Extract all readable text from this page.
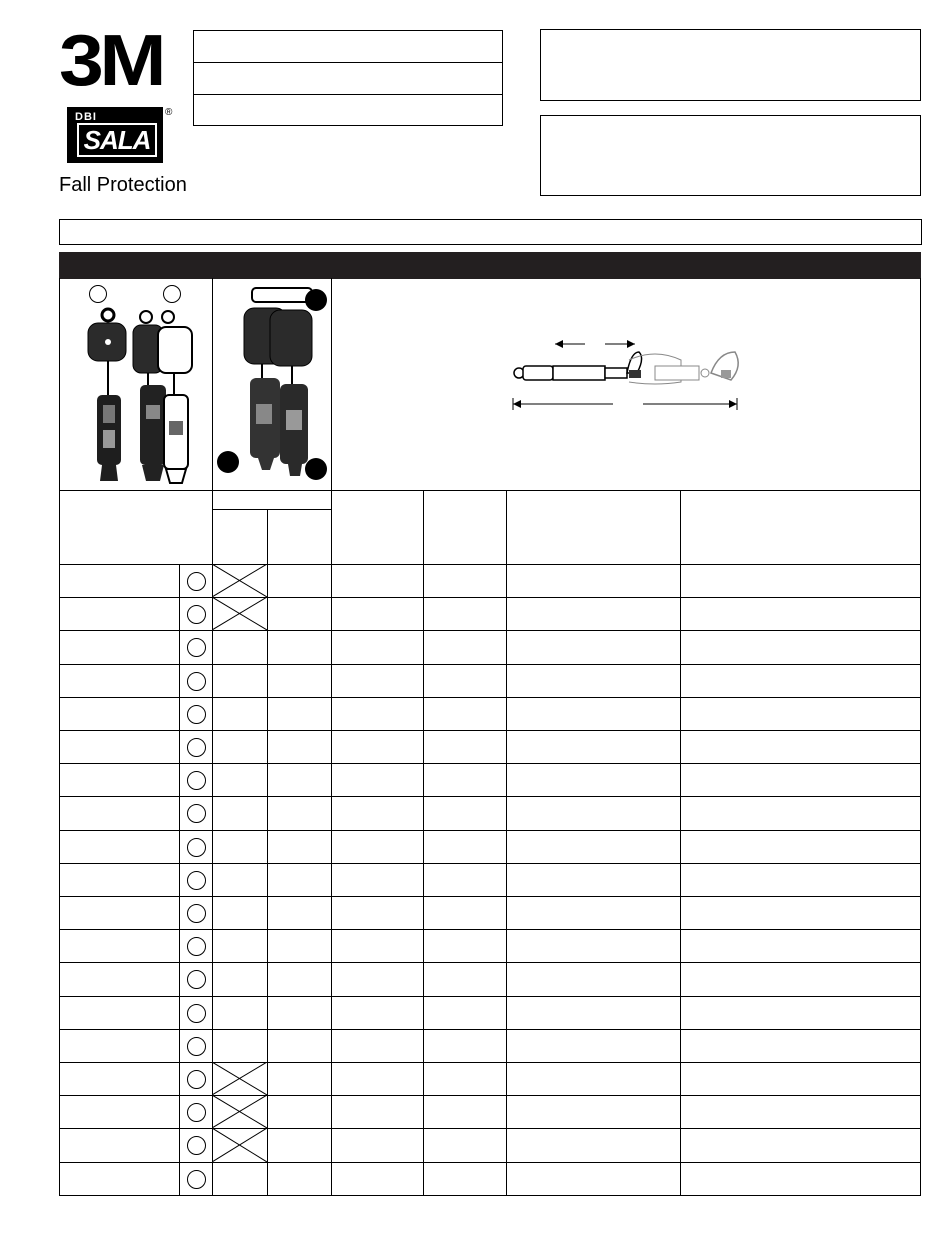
3M
DBI
SALA
®
Fall Protection
